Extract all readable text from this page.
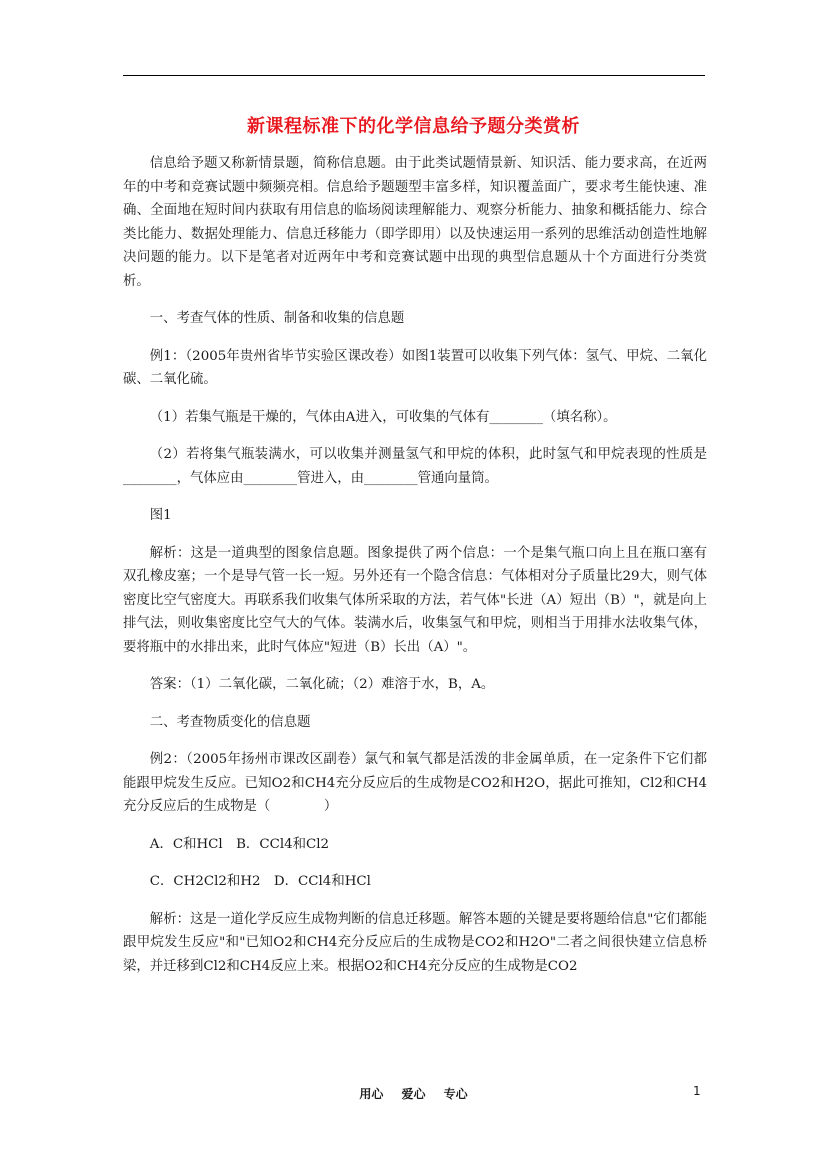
新课程标准下的化学信息给予题分类赏析

信息给予题又称新情景题，简称信息题。由于此类试题情景新、知识活、能力要求高，在近两年的中考和竞赛试题中频频亮相。信息给予题题型丰富多样，知识覆盖面广，要求考生能快速、准确、全面地在短时间内获取有用信息的临场阅读理解能力、观察分析能力、抽象和概括能力、综合类比能力、数据处理能力、信息迁移能力（即学即用）以及快速运用一系列的思维活动创造性地解决问题的能力。以下是笔者对近两年中考和竞赛试题中出现的典型信息题从十个方面进行分类赏析。

一、考查气体的性质、制备和收集的信息题

例1：（2005年贵州省毕节实验区课改卷）如图1装置可以收集下列气体：氢气、甲烷、二氧化碳、二氧化硫。

（1）若集气瓶是干燥的，气体由A进入，可收集的气体有________（填名称）。

（2）若将集气瓶装满水，可以收集并测量氢气和甲烷的体积，此时氢气和甲烷表现的性质是________，气体应由________管进入，由________管通向量筒。

图1

解析：这是一道典型的图象信息题。图象提供了两个信息：一个是集气瓶口向上且在瓶口塞有双孔橡皮塞；一个是导气管一长一短。另外还有一个隐含信息：气体相对分子质量比29大，则气体密度比空气密度大。再联系我们收集气体所采取的方法，若气体"长进（A）短出（B）"，就是向上排气法，则收集密度比空气大的气体。装满水后，收集氢气和甲烷，则相当于用排水法收集气体，要将瓶中的水排出来，此时气体应"短进（B）长出（A）"。

答案：（1）二氧化碳，二氧化硫；（2）难溶于水，B，A。

二、考查物质变化的信息题

例2：（2005年扬州市课改区副卷）氯气和氧气都是活泼的非金属单质，在一定条件下它们都能跟甲烷发生反应。已知O2和CH4充分反应后的生成物是CO2和H2O，据此可推知，Cl2和CH4充分反应后的生成物是（　　　　）

A．C和HCl　B．CCl4和Cl2

C．CH2Cl2和H2　D．CCl4和HCl

解析：这是一道化学反应生成物判断的信息迁移题。解答本题的关键是要将题给信息"它们都能跟甲烷发生反应"和"已知O2和CH4充分反应后的生成物是CO2和H2O"二者之间很快建立信息桥梁，并迁移到Cl2和CH4反应上来。根据O2和CH4充分反应的生成物是CO2

用心 爱心 专心	1
